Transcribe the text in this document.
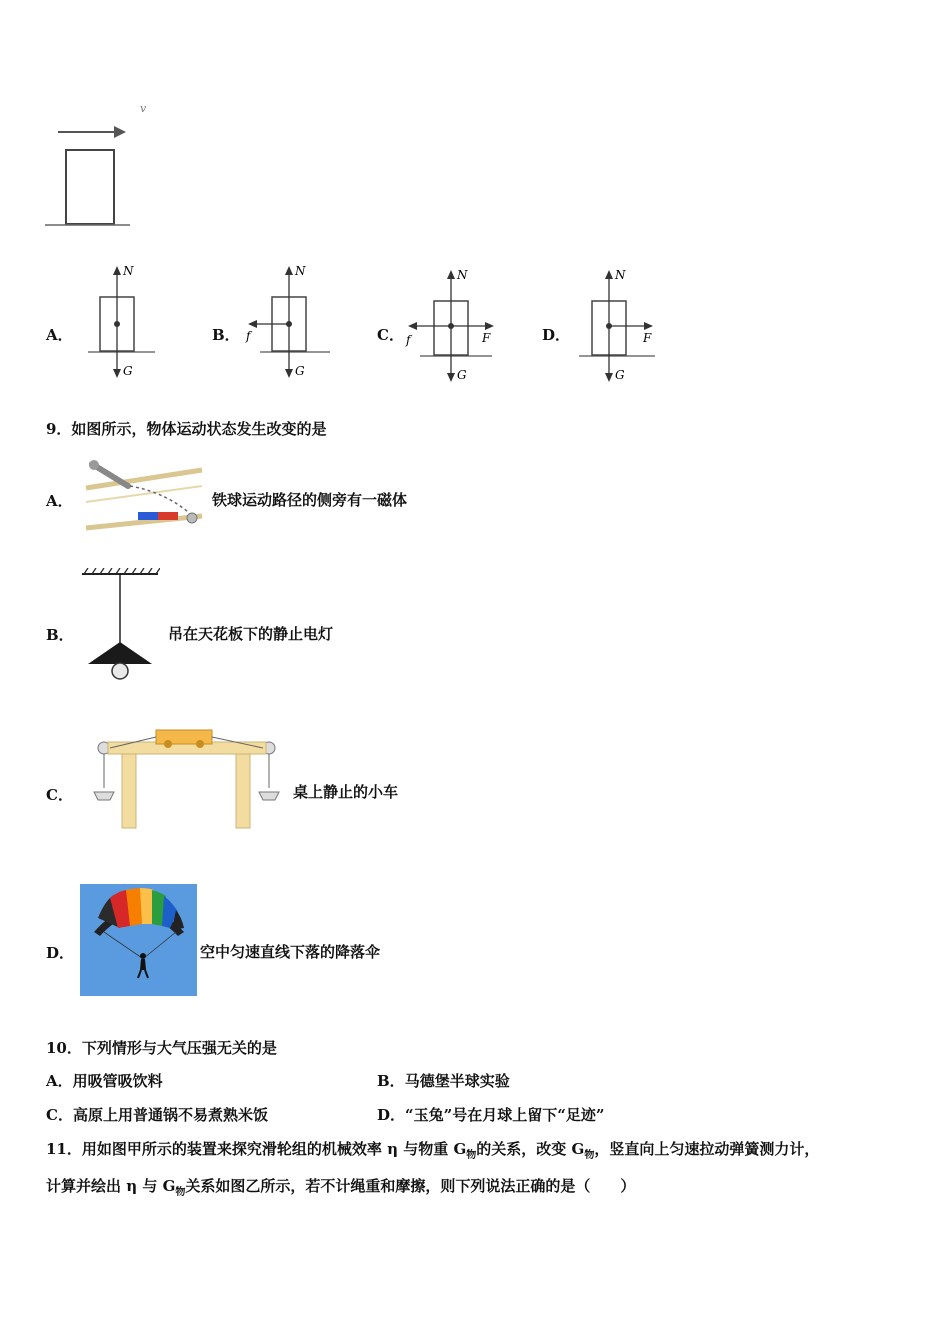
v
A．
N
G
B．
N
G
f	C．
N
G
f	F	D．
N
G
F
9．如图所示，物体运动状态发生改变的是
A．	铁球运动路径的侧旁有一磁体
B．	吊在天花板下的静止电灯
C．	桌上静止的小车
D．	空中匀速直线下落的降落伞
10．下列情形与大气压强无关的是
A．用吸管吸饮料	B．马德堡半球实验
C．高原上用普通锅不易煮熟米饭	D．“玉兔”号在月球上留下“足迹”
11．用如图甲所示的装置来探究滑轮组的机械效率 η 与物重 $G_物$的关系，改变 $G_物$，竖直向上匀速拉动弹簧测力计，
计算并绘出 η 与 $G_物$关系如图乙所示，若不计绳重和摩擦，则下列说法正确的是（　　）
